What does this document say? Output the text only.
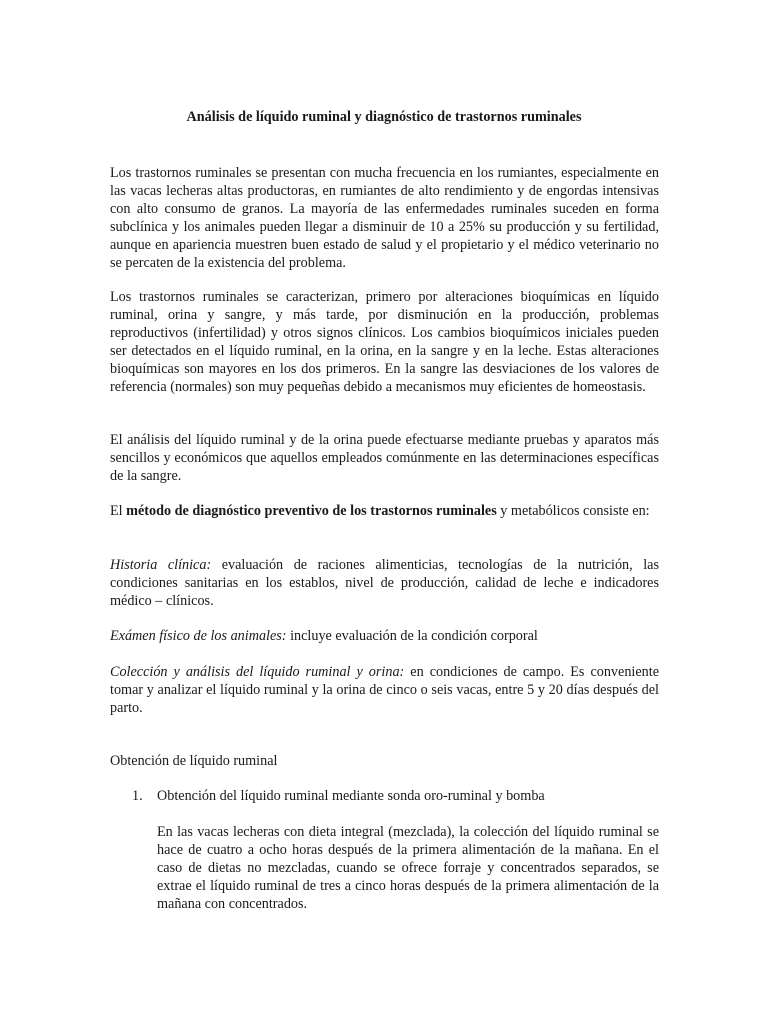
Análisis de líquido ruminal y diagnóstico de trastornos ruminales

Los trastornos ruminales se presentan con mucha frecuencia en los rumiantes, especialmente en las vacas lecheras altas productoras, en rumiantes de alto rendimiento y de engordas intensivas con alto consumo de granos. La mayoría de las enfermedades ruminales suceden en forma subclínica y los animales pueden llegar a disminuir de 10 a 25% su producción y su fertilidad, aunque en apariencia muestren buen estado de salud y el propietario y el médico veterinario no se percaten de la existencia del problema.

Los trastornos ruminales se caracterizan, primero por alteraciones bioquímicas en líquido ruminal, orina y sangre, y más tarde, por disminución en la producción, problemas reproductivos (infertilidad) y otros signos clínicos. Los cambios bioquímicos iniciales pueden ser detectados en el líquido ruminal, en la orina, en la sangre y en la leche. Estas alteraciones bioquímicas son mayores en los dos primeros. En la sangre las desviaciones de los valores de referencia (normales) son muy pequeñas debido a mecanismos muy eficientes de homeostasis.

El análisis del líquido ruminal y de la orina puede efectuarse mediante pruebas y aparatos más sencillos y económicos que aquellos empleados comúnmente en las determinaciones específicas de la sangre.

El método de diagnóstico preventivo de los trastornos ruminales y metabólicos consiste en:

Historia clínica: evaluación de raciones alimenticias, tecnologías de la nutrición, las condiciones sanitarias en los establos, nivel de producción, calidad de leche e indicadores médico – clínicos.

Exámen físico de los animales: incluye evaluación de la condición corporal

Colección y análisis del líquido ruminal y orina: en condiciones de campo. Es conveniente tomar y analizar el líquido ruminal y la orina de cinco o seis vacas, entre 5 y 20 días después del parto.

Obtención de líquido ruminal

1. Obtención del líquido ruminal mediante sonda oro-ruminal y bomba

En las vacas lecheras con dieta integral (mezclada), la colección del líquido ruminal se hace de cuatro a ocho horas después de la primera alimentación de la mañana. En el caso de dietas no mezcladas, cuando se ofrece forraje y concentrados separados, se extrae el líquido ruminal de tres a cinco horas después de la primera alimentación de la mañana con concentrados.
